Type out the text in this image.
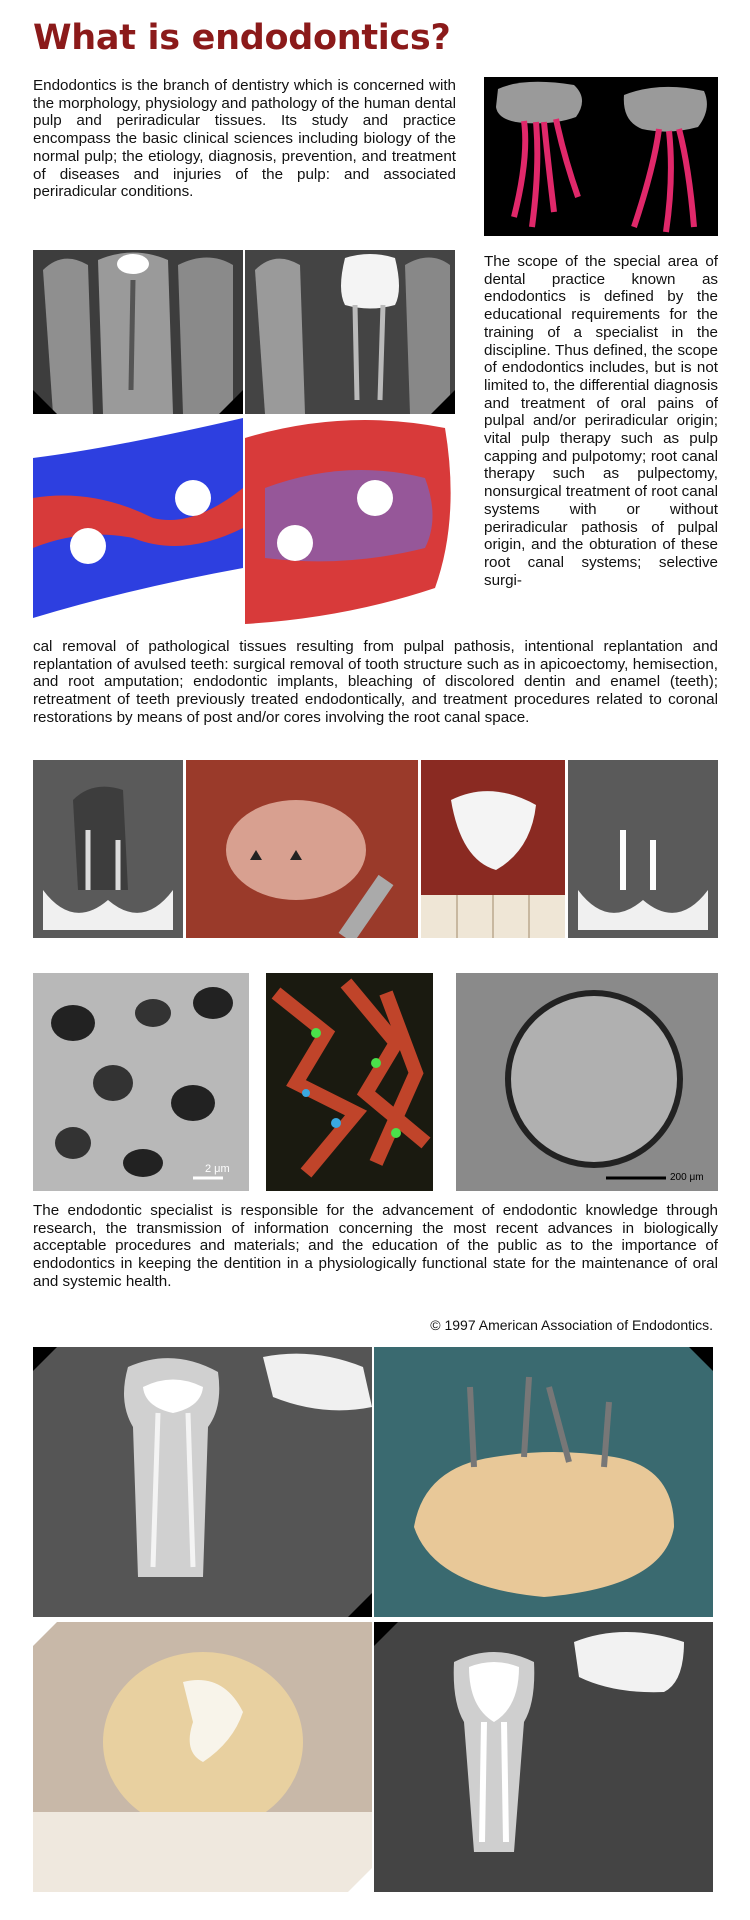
What is endodontics?

Endodontics is the branch of dentistry which is concerned with the morphology, physiology and pathology of the human dental pulp and periradicular tissues. Its study and practice encompass the basic clinical sciences including biology of the normal pulp; the etiology, diagnosis, prevention, and treatment of diseases and injuries of the pulp: and associated periradicular conditions.

The scope of the special area of dental practice known as endodontics is defined by the educational requirements for the training of a specialist in the discipline. Thus defined, the scope of endodontics includes, but is not limited to, the differential diagnosis and treatment of oral pains of pulpal and/or periradicular origin; vital pulp therapy such as pulp capping and pulpotomy; root canal therapy such as pulpectomy, nonsurgical treatment of root canal systems with or without periradicular pathosis of pulpal origin, and the obturation of these root canal systems; selective surgi-

cal removal of pathological tissues resulting from pulpal pathosis, intentional replantation and replantation of avulsed teeth: surgical removal of tooth structure such as in apicoectomy, hemisection, and root amputation; endodontic implants, bleaching of discolored dentin and enamel (teeth); retreatment of teeth previously treated endodontically, and treatment procedures related to coronal restorations by means of post and/or cores involving the root canal space.

2 μm
200 μm

The endodontic specialist is responsible for the advancement of endodontic knowledge through research, the transmission of information concerning the most recent advances in biologically acceptable procedures and materials; and the education of the public as to the importance of endodontics in keeping the dentition in a physiologically functional state for the maintenance of oral and systemic health.

© 1997 American Association of Endodontics.
